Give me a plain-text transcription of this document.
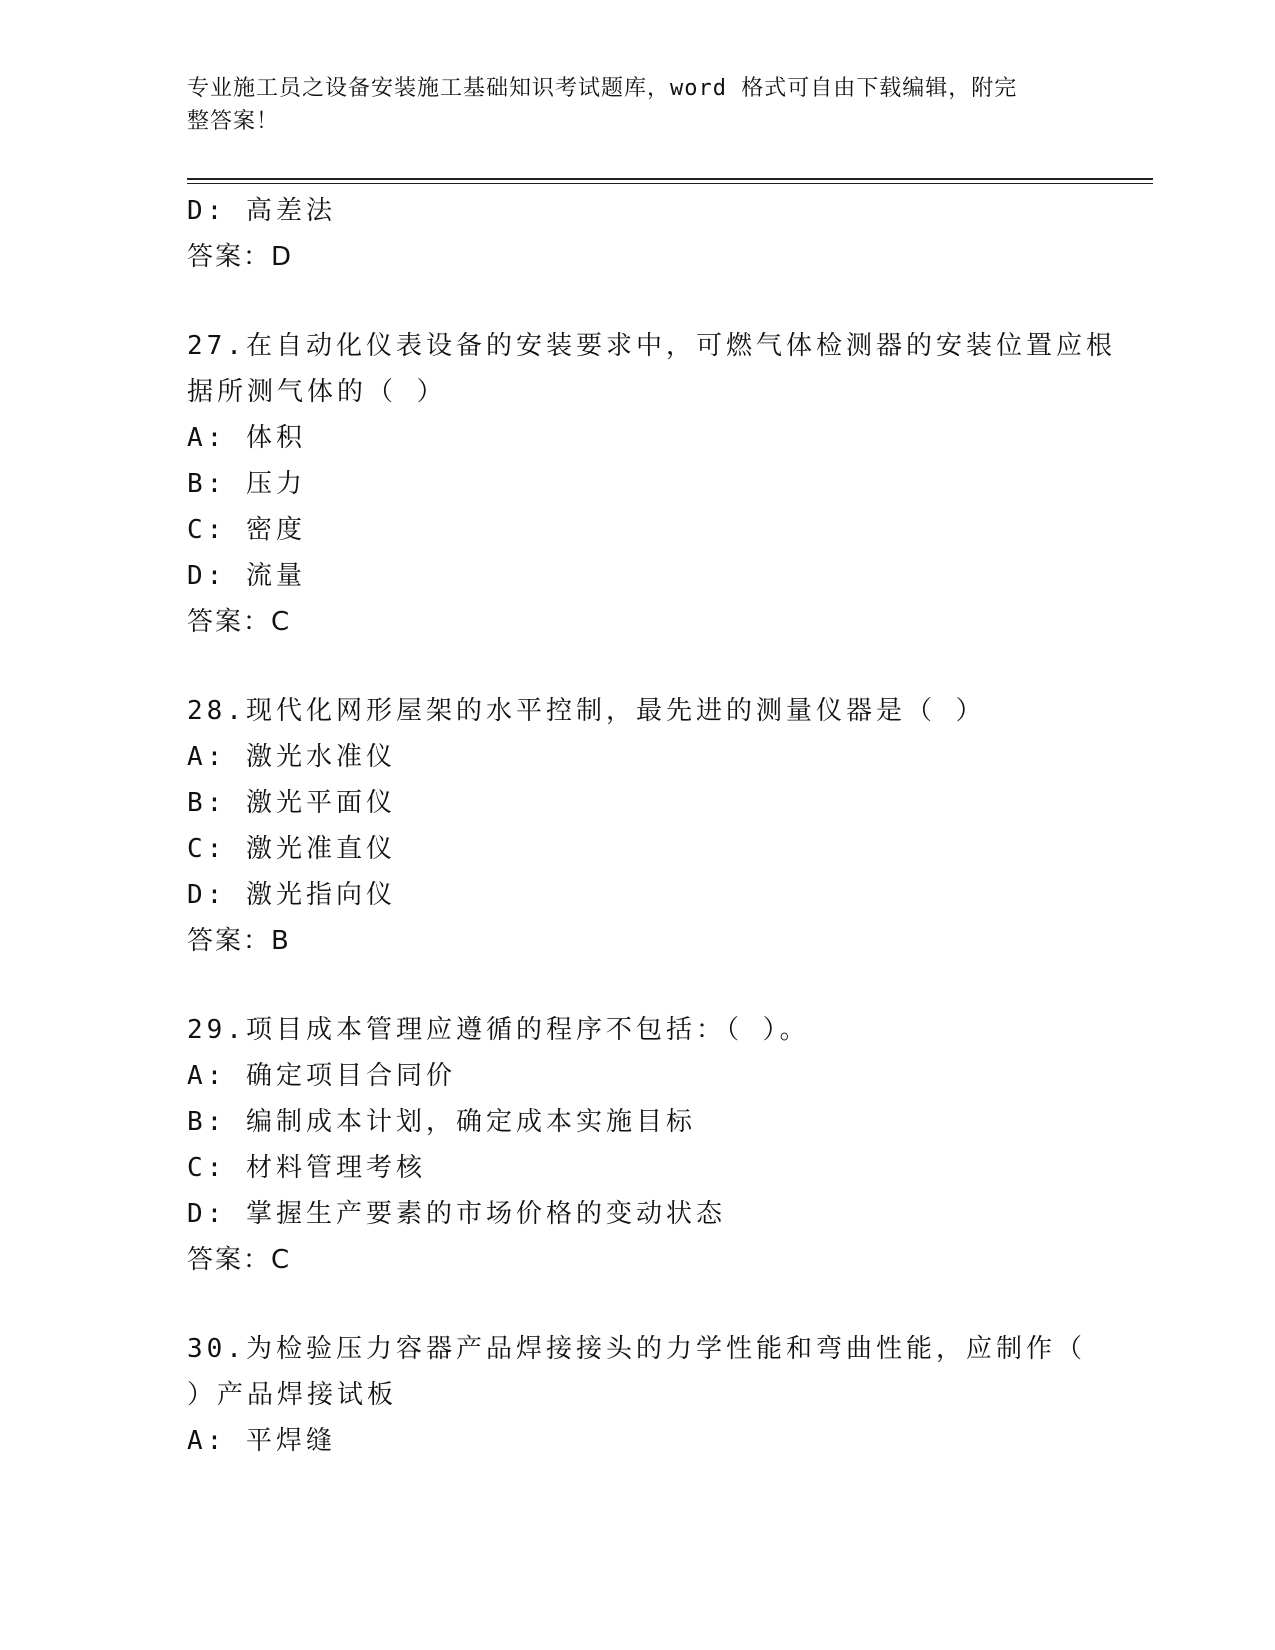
专业施工员之设备安装施工基础知识考试题库，word 格式可自由下载编辑，附完
整答案！
D: 高差法
答案：D
27.在自动化仪表设备的安装要求中，可燃气体检测器的安装位置应根
据所测气体的（ ）
A: 体积
B: 压力
C: 密度
D: 流量
答案：C
28.现代化网形屋架的水平控制，最先进的测量仪器是（ ）
A: 激光水准仪
B: 激光平面仪
C: 激光准直仪
D: 激光指向仪
答案：B
29.项目成本管理应遵循的程序不包括：（ ）。
A: 确定项目合同价
B: 编制成本计划，确定成本实施目标
C: 材料管理考核
D: 掌握生产要素的市场价格的变动状态
答案：C
30.为检验压力容器产品焊接接头的力学性能和弯曲性能，应制作（
）产品焊接试板
A: 平焊缝
